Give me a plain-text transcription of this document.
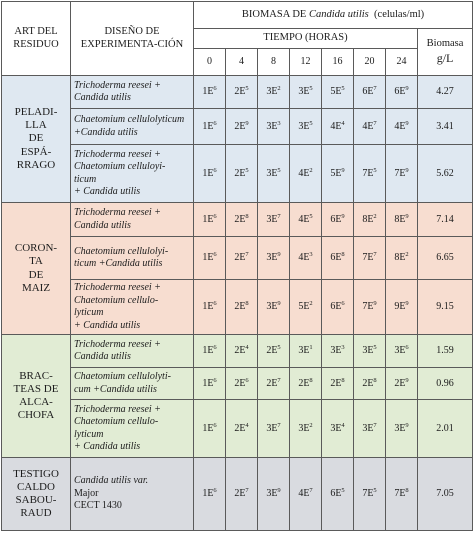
ART DEL RESIDUO	DISEÑO DE EXPERIMENTA-CIÓN	BIOMASA DE Candida utilis (celulas/ml)							
		TIEMPO (HORAS)							Biomasa
g/L
		0	4	8	12	16	20	24	
PELADI-
LLA
DE
ESPÁ-
RRAGO	Trichoderma reesei +
Candida utilis	$1E^6$	$2E^5$	$3E^2$	$3E^5$	$5E^5$	$6E^7$	$6E^9$	4.27
	Chaetomium cellulolyticum
+Candida utilis	$1E^6$	$2E^9$	$3E^3$	$3E^5$	$4E^4$	$4E^7$	$4E^9$	3.41
	Trichoderma reesei +
Chaetomium celluloyi-
ticum
+ Candida utilis	$1E^6$	$2E^5$	$3E^5$	$4E^2$	$5E^9$	$7E^5$	$7E^9$	5.62
CORON-
TA
DE
MAIZ	Trichoderma reesei +
Candida utilis	$1E^6$	$2E^8$	$3E^7$	$4E^5$	$6E^9$	$8E^2$	$8E^9$	7.14
	Chaetomium cellulolyi-
ticum +Candida utilis	$1E^6$	$2E^7$	$3E^9$	$4E^3$	$6E^8$	$7E^7$	$8E^2$	6.65
	Trichoderma reesei +
Chaetomium cellulo-
lyticum
+ Candida utilis	$1E^6$	$2E^8$	$3E^9$	$5E^2$	$6E^6$	$7E^9$	$9E^9$	9.15
BRAC-
TEAS DE
ALCA-
CHOFA	Trichoderma reesei +
Candida utilis	$1E^6$	$2E^4$	$2E^5$	$3E^1$	$3E^3$	$3E^5$	$3E^6$	1.59
	Chaetomium cellulolyti-
cum +Candida utilis	$1E^6$	$2E^6$	$2E^7$	$2E^8$	$2E^8$	$2E^8$	$2E^9$	0.96
	Trichoderma reesei +
Chaetomium cellulo-
lyticum
+ Candida utilis	$1E^6$	$2E^4$	$3E^7$	$3E^2$	$3E^4$	$3E^7$	$3E^9$	2.01
TESTIGO
CALDO
SABOU-
RAUD	Candida utilis var.
Major
CECT 1430	$1E^6$	$2E^7$	$3E^9$	$4E^7$	$6E^5$	$7E^5$	$7E^8$	7.05
